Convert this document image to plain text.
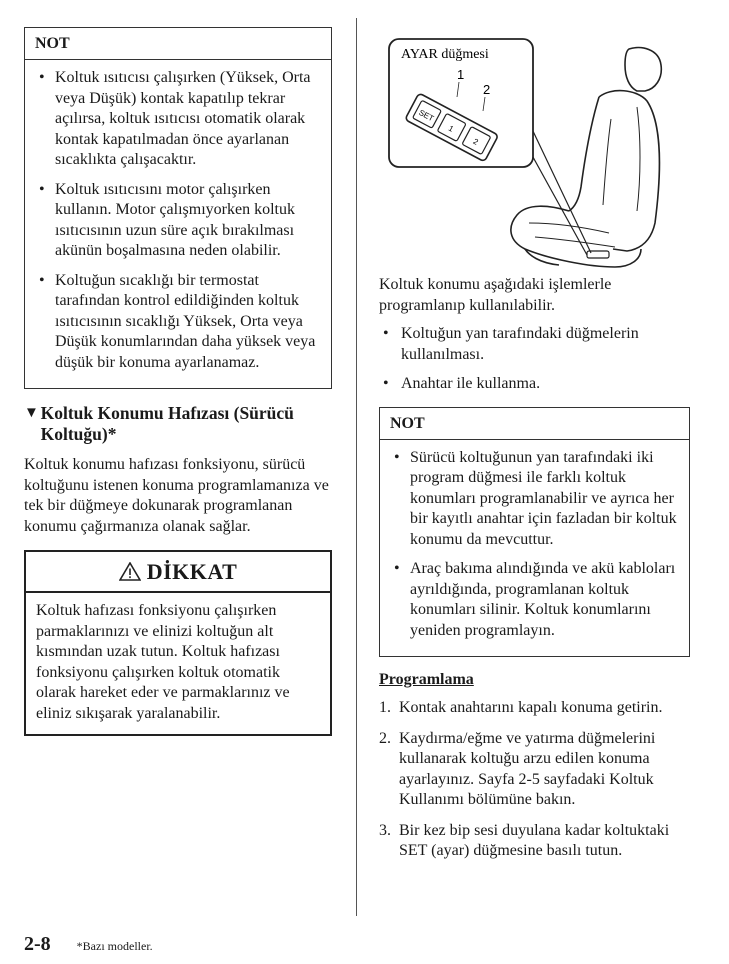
NOT
• Koltuk ısıtıcısı çalışırken (Yüksek, Orta veya Düşük) kontak kapatılıp tekrar açılırsa, koltuk ısıtıcısı otomatik olarak kontak kapatılmadan önce ayarlanan sıcaklıkta çalışacaktır.
• Koltuk ısıtıcısını motor çalışırken kullanın. Motor çalışmıyorken koltuk ısıtıcısının uzun süre açık bırakılması akünün boşalmasına neden olabilir.
• Koltuğun sıcaklığı bir termostat tarafından kontrol edildiğinden koltuk ısıtıcısının sıcaklığı Yüksek, Orta veya Düşük konumlarından daha yüksek veya düşük bir konuma ayarlanamaz.
▼ Koltuk Konumu Hafızası (Sürücü Koltuğu)*
Koltuk konumu hafızası fonksiyonu, sürücü koltuğunu istenen konuma programlamanıza ve tek bir düğmeye dokunarak programlanan konumu çağırmanıza olanak sağlar.
DİKKAT
Koltuk hafızası fonksiyonu çalışırken parmaklarınızı ve elinizi koltuğun alt kısmından uzak tutun. Koltuk hafızası fonksiyonu çalışırken koltuk otomatik olarak hareket eder ve parmaklarınız ve eliniz sıkışarak yaralanabilir.
SET
1
2
AYAR düğmesi
1
2
Koltuk konumu aşağıdaki işlemlerle programlanıp kullanılabilir.
• Koltuğun yan tarafındaki düğmelerin kullanılması.
• Anahtar ile kullanma.
NOT
• Sürücü koltuğunun yan tarafındaki iki program düğmesi ile farklı koltuk konumları programlanabilir ve ayrıca her bir kayıtlı anahtar için fazladan bir koltuk konumu da mevcuttur.
• Araç bakıma alındığında ve akü kabloları ayrıldığında, programlanan koltuk konumları silinir. Koltuk konumlarını yeniden programlayın.
Programlama
1. Kontak anahtarını kapalı konuma getirin.
2. Kaydırma/eğme ve yatırma düğmelerini kullanarak koltuğu arzu edilen konuma ayarlayınız. Sayfa 2-5 sayfadaki Koltuk Kullanımı bölümüne bakın.
3. Bir kez bip sesi duyulana kadar koltuktaki SET (ayar) düğmesine basılı tutun.
2-8 *Bazı modeller.
